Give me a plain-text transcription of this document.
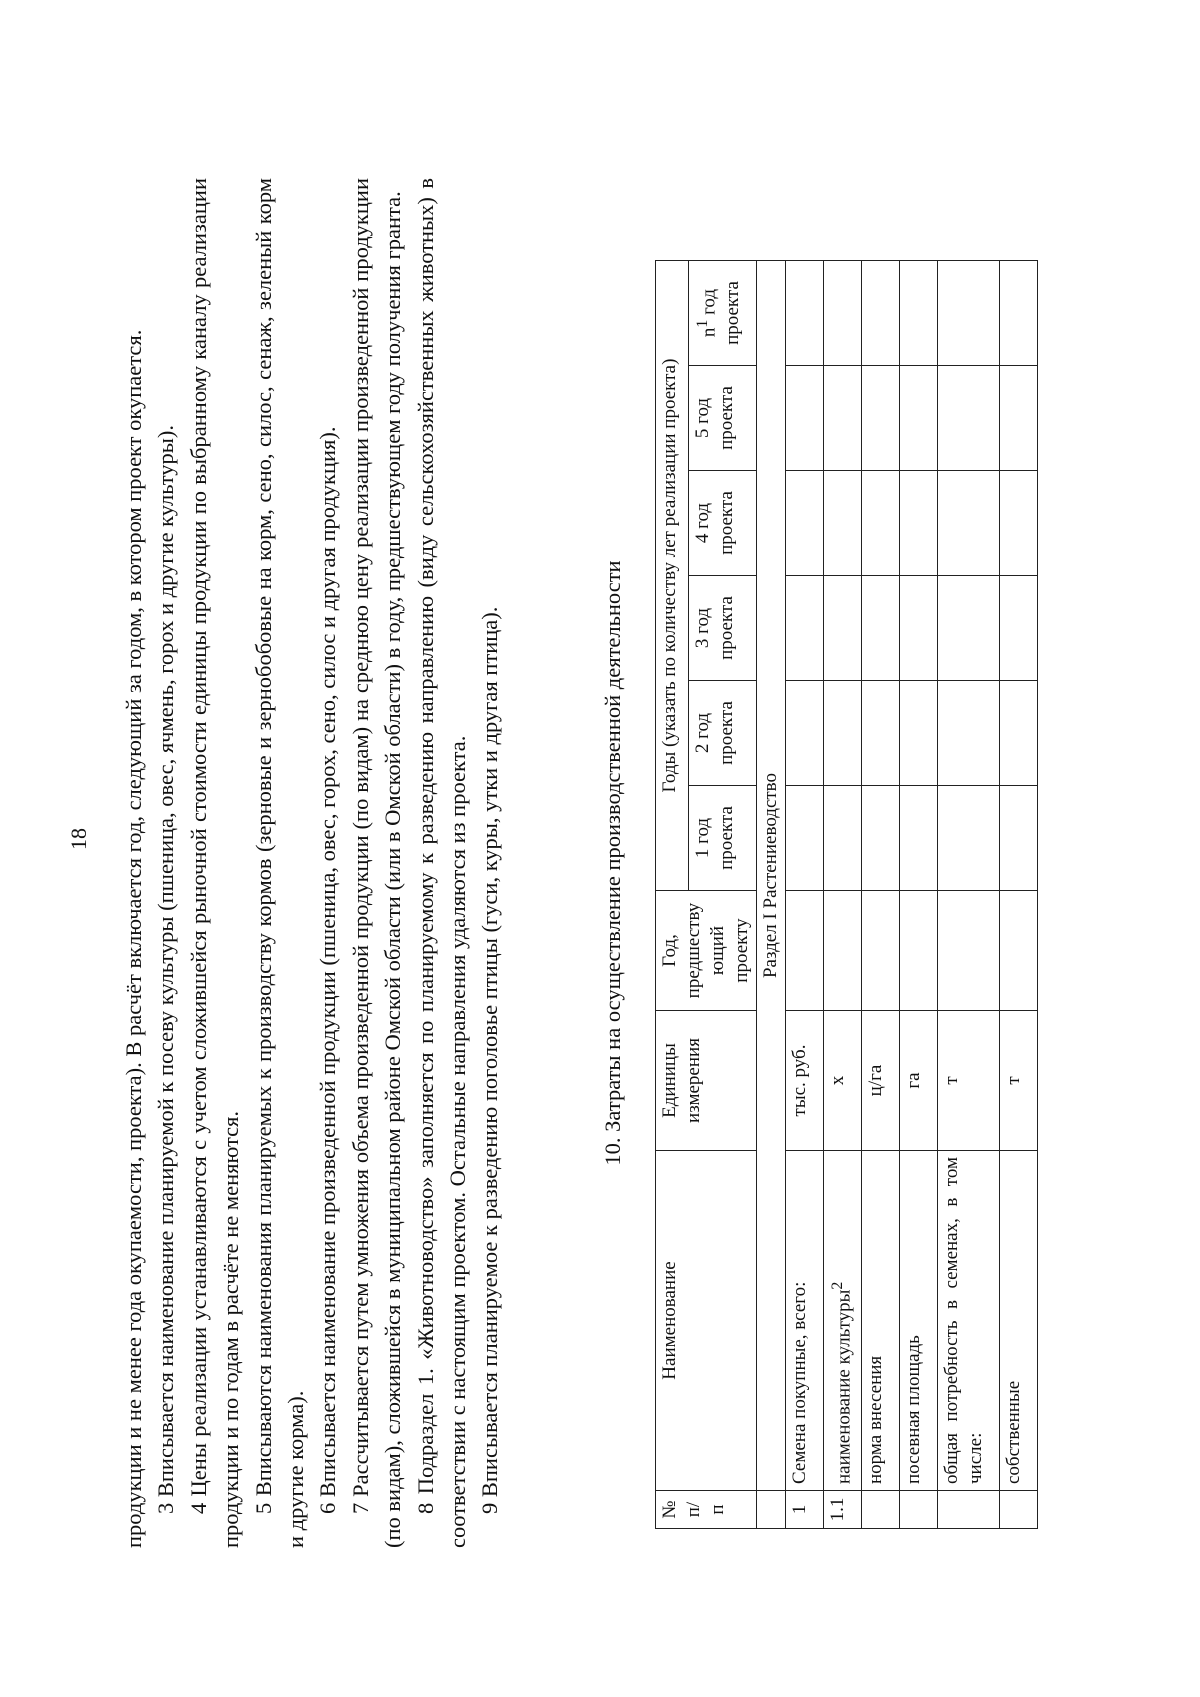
18 продукции и не менее года окупаемости, проекта). В расчёт включается год, следующий за годом, в котором проект окупается. 3 Вписывается наименование планируемой к посеву культуры (пшеница, овес, ячмень, горох и другие культуры). 4 Цены реализации устанавливаются с учетом сложившейся рыночной стоимости единицы продукции по выбранному каналу реализации продукции и по годам в расчёте не меняются. 5 Вписываются наименования планируемых к производству кормов (зерновые и зернобобовые на корм, сено, силос, сенаж, зеленый корм и другие корма). 6 Вписывается наименование произведенной продукции (пшеница, овес, горох, сено, силос и другая продукция). 7 Рассчитывается путем умножения объема произведенной продукции (по видам) на среднюю цену реализации произведенной продукции (по видам), сложившейся в муниципальном районе Омской области (или в Омской области) в году, предшествующем году получения гранта. 8 Подраздел 1. «Животноводство» заполняется по планируемому к разведению направлению (виду сельскохозяйственных животных) в соответствии с настоящим проектом. Остальные направления удаляются из проекта. 9 Вписывается планируемое к разведению поголовье птицы (гуси, куры, утки и другая птица).	10. Затраты на осуществление производственной деятельности
№ п/п	Наименование	Единицы измерения	Год, предшеству ющий проекту	Годы (указать по количеству лет реализации проекта)					
				1 год проекта	2 год проекта	3 год проекта	4 год проекта	5 год проекта	$n^1$ год проекта
	Раздел I Растениеводство								
1	Семена покупные, всего:	тыс. руб.							
1.1	наименование культуры$^2$	х							
	норма внесения	ц/га							
	посевная площадь	га							
	общая потребность в семенах, в том числе:	т							
	собственные	т							
